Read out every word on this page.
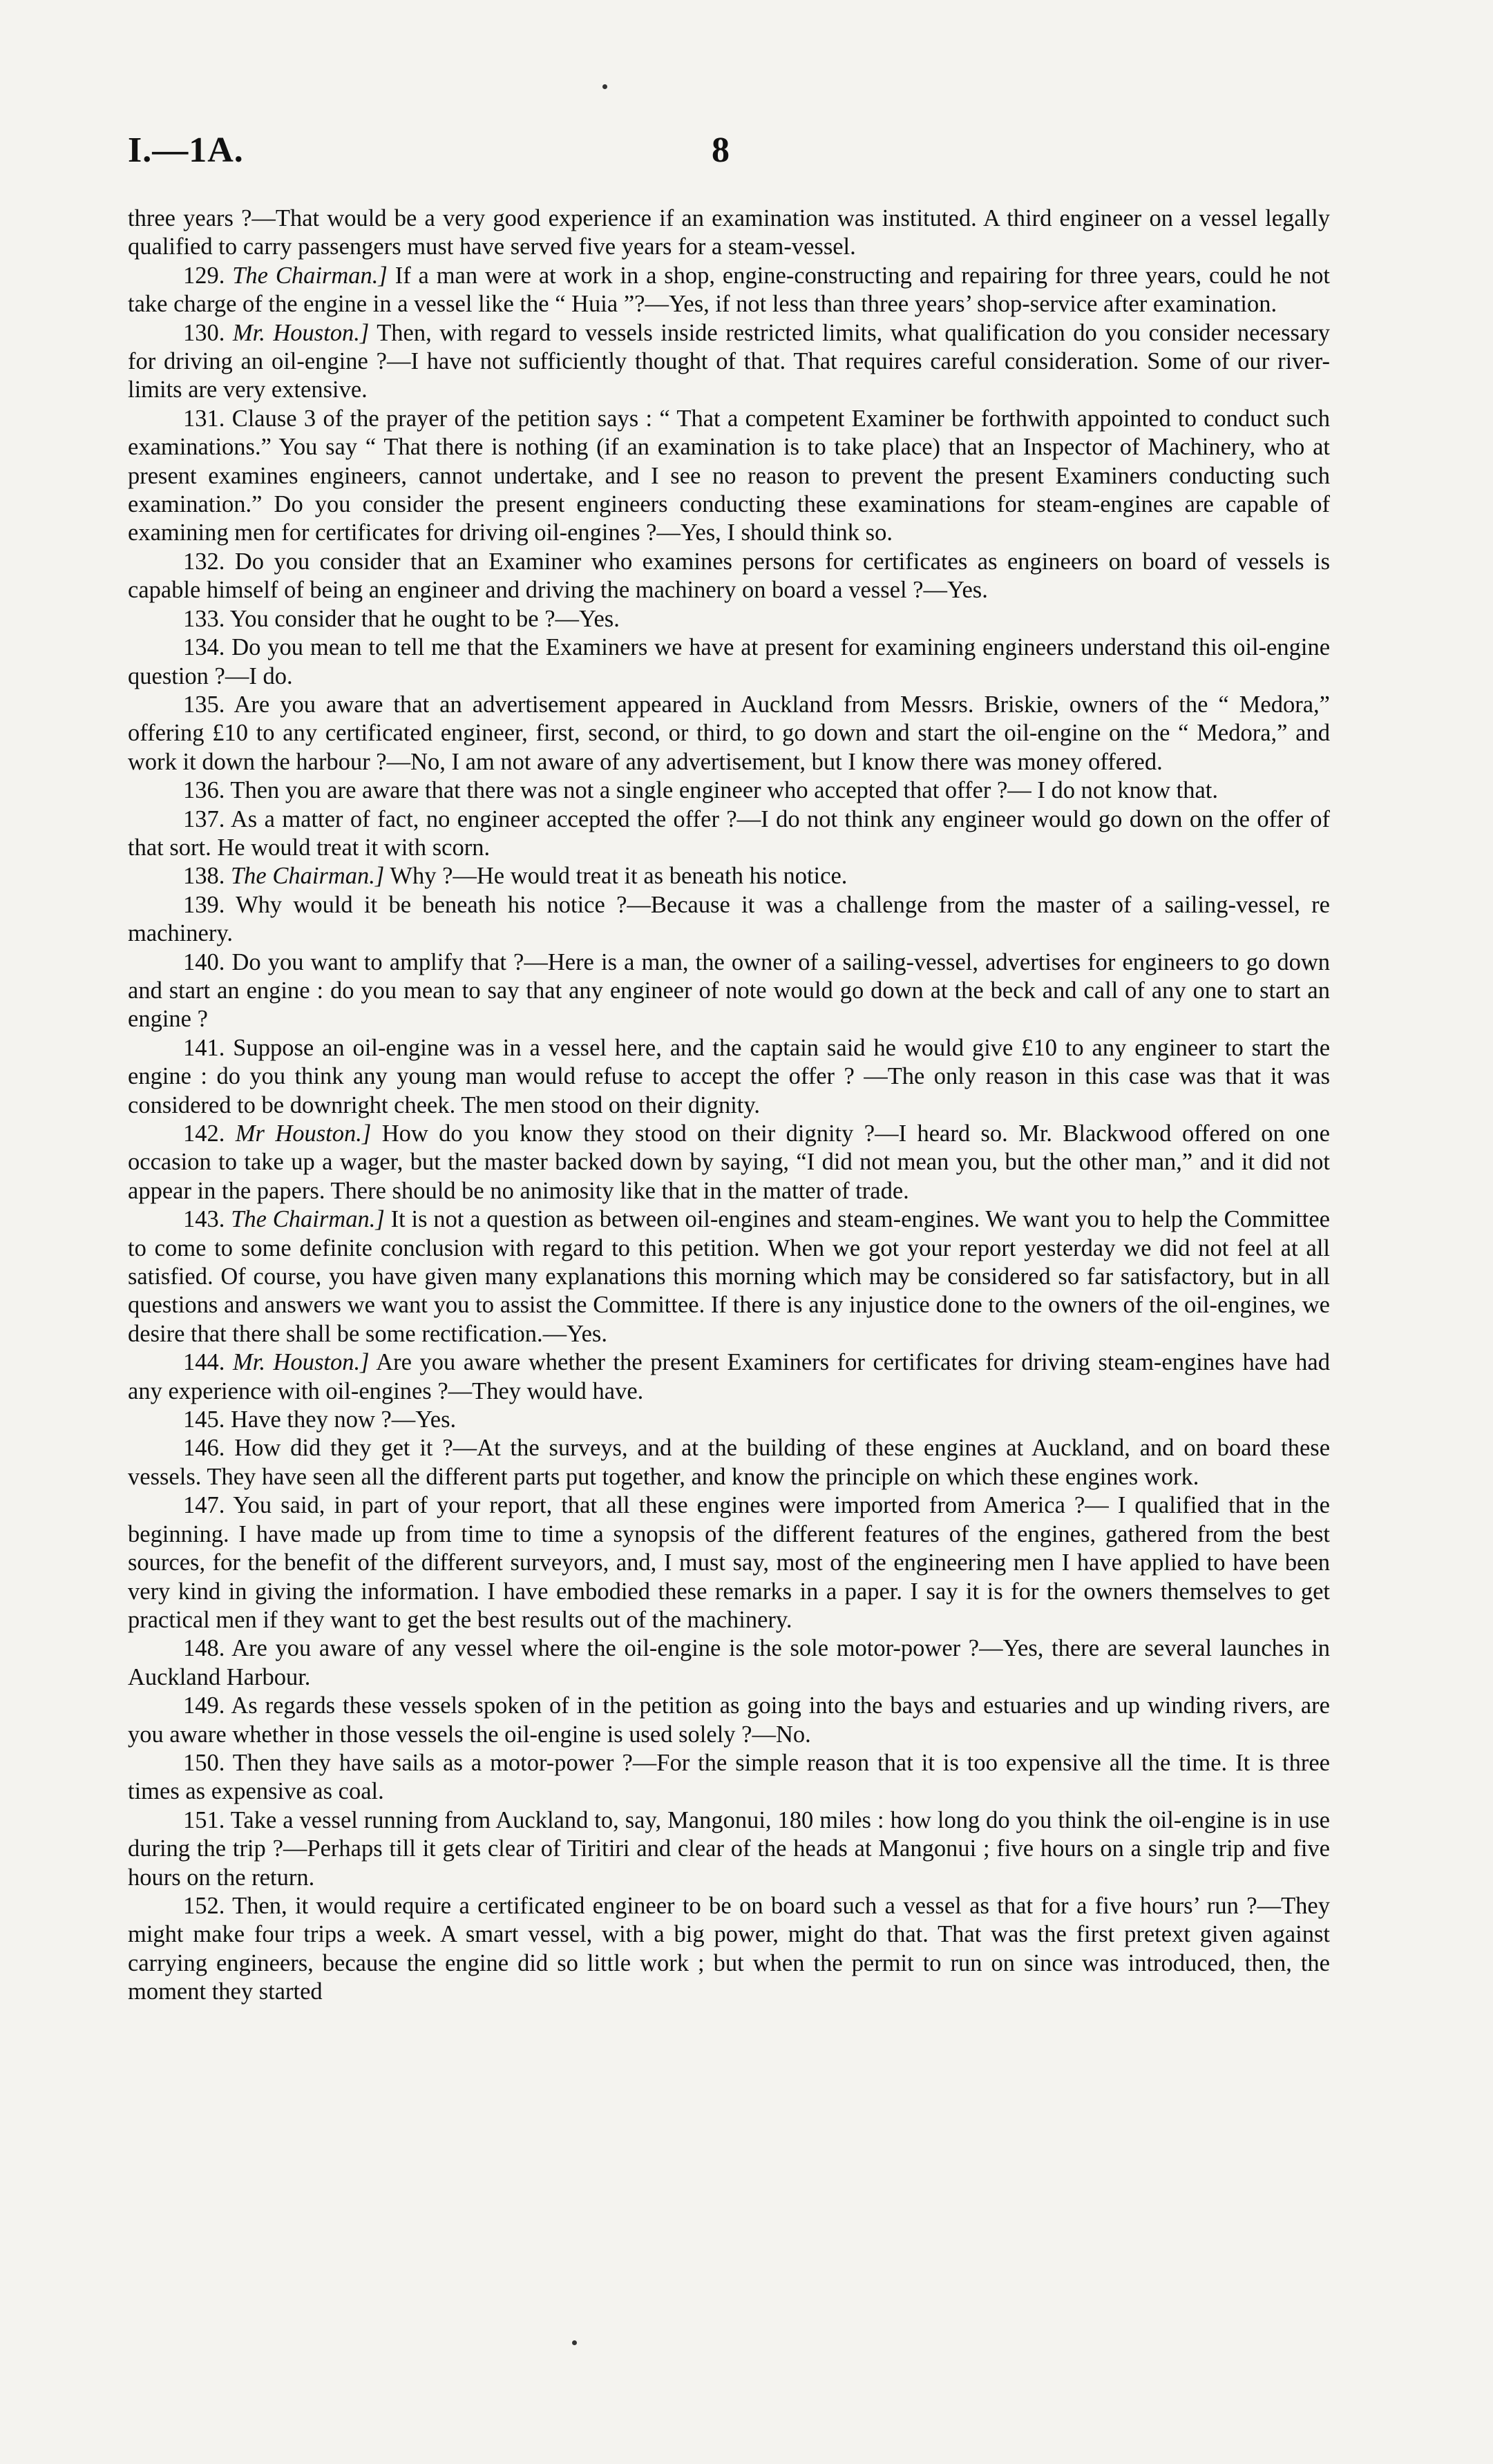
I.—1A.	8

three years ?—That would be a very good experience if an examination was instituted. A third engineer on a vessel legally qualified to carry passengers must have served five years for a steam-vessel.

129. The Chairman.] If a man were at work in a shop, engine-constructing and repairing for three years, could he not take charge of the engine in a vessel like the “ Huia ”?—Yes, if not less than three years’ shop-service after examination.

130. Mr. Houston.] Then, with regard to vessels inside restricted limits, what qualification do you consider necessary for driving an oil-engine ?—I have not sufficiently thought of that. That requires careful consideration. Some of our river-limits are very extensive.

131. Clause 3 of the prayer of the petition says : “ That a competent Examiner be forthwith appointed to conduct such examinations.” You say “ That there is nothing (if an examination is to take place) that an Inspector of Machinery, who at present examines engineers, cannot undertake, and I see no reason to prevent the present Examiners conducting such examination.” Do you consider the present engineers conducting these examinations for steam-engines are capable of examining men for certificates for driving oil-engines ?—Yes, I should think so.

132. Do you consider that an Examiner who examines persons for certificates as engineers on board of vessels is capable himself of being an engineer and driving the machinery on board a vessel ?—Yes.

133. You consider that he ought to be ?—Yes.

134. Do you mean to tell me that the Examiners we have at present for examining engineers understand this oil-engine question ?—I do.

135. Are you aware that an advertisement appeared in Auckland from Messrs. Briskie, owners of the “ Medora,” offering £10 to any certificated engineer, first, second, or third, to go down and start the oil-engine on the “ Medora,” and work it down the harbour ?—No, I am not aware of any advertisement, but I know there was money offered.

136. Then you are aware that there was not a single engineer who accepted that offer ?— I do not know that.

137. As a matter of fact, no engineer accepted the offer ?—I do not think any engineer would go down on the offer of that sort. He would treat it with scorn.

138. The Chairman.] Why ?—He would treat it as beneath his notice.

139. Why would it be beneath his notice ?—Because it was a challenge from the master of a sailing-vessel, re machinery.

140. Do you want to amplify that ?—Here is a man, the owner of a sailing-vessel, advertises for engineers to go down and start an engine : do you mean to say that any engineer of note would go down at the beck and call of any one to start an engine ?

141. Suppose an oil-engine was in a vessel here, and the captain said he would give £10 to any engineer to start the engine : do you think any young man would refuse to accept the offer ? —The only reason in this case was that it was considered to be downright cheek. The men stood on their dignity.

142. Mr Houston.] How do you know they stood on their dignity ?—I heard so. Mr. Blackwood offered on one occasion to take up a wager, but the master backed down by saying, “I did not mean you, but the other man,” and it did not appear in the papers. There should be no animosity like that in the matter of trade.

143. The Chairman.] It is not a question as between oil-engines and steam-engines. We want you to help the Committee to come to some definite conclusion with regard to this petition. When we got your report yesterday we did not feel at all satisfied. Of course, you have given many explanations this morning which may be considered so far satisfactory, but in all questions and answers we want you to assist the Committee. If there is any injustice done to the owners of the oil-engines, we desire that there shall be some rectification.—Yes.

144. Mr. Houston.] Are you aware whether the present Examiners for certificates for driving steam-engines have had any experience with oil-engines ?—They would have.

145. Have they now ?—Yes.

146. How did they get it ?—At the surveys, and at the building of these engines at Auckland, and on board these vessels. They have seen all the different parts put together, and know the principle on which these engines work.

147. You said, in part of your report, that all these engines were imported from America ?— I qualified that in the beginning. I have made up from time to time a synopsis of the different features of the engines, gathered from the best sources, for the benefit of the different surveyors, and, I must say, most of the engineering men I have applied to have been very kind in giving the information. I have embodied these remarks in a paper. I say it is for the owners themselves to get practical men if they want to get the best results out of the machinery.

148. Are you aware of any vessel where the oil-engine is the sole motor-power ?—Yes, there are several launches in Auckland Harbour.

149. As regards these vessels spoken of in the petition as going into the bays and estuaries and up winding rivers, are you aware whether in those vessels the oil-engine is used solely ?—No.

150. Then they have sails as a motor-power ?—For the simple reason that it is too expensive all the time. It is three times as expensive as coal.

151. Take a vessel running from Auckland to, say, Mangonui, 180 miles : how long do you think the oil-engine is in use during the trip ?—Perhaps till it gets clear of Tiritiri and clear of the heads at Mangonui ; five hours on a single trip and five hours on the return.

152. Then, it would require a certificated engineer to be on board such a vessel as that for a five hours’ run ?—They might make four trips a week. A smart vessel, with a big power, might do that. That was the first pretext given against carrying engineers, because the engine did so little work ; but when the permit to run on since was introduced, then, the moment they started
